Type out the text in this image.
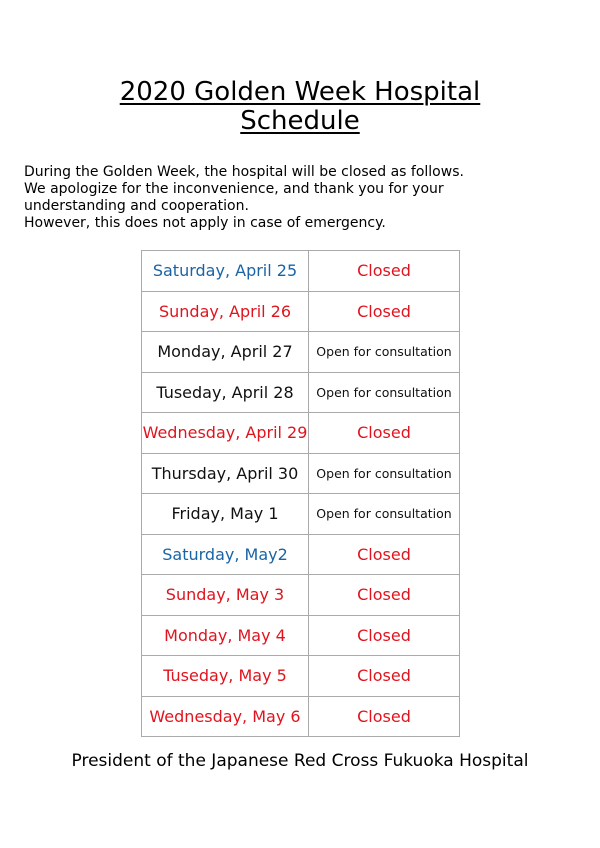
2020 Golden Week Hospital
Schedule
During the Golden Week, the hospital will be closed as follows.
We apologize for the inconvenience, and thank you for your
understanding and cooperation.
However, this does not apply in case of emergency.
Saturday, April 25	Closed
Sunday, April 26	Closed
Monday, April 27	Open for consultation
Tuseday, April 28	Open for consultation
Wednesday, April 29	Closed
Thursday, April 30	Open for consultation
Friday, May 1	Open for consultation
Saturday, May2	Closed
Sunday, May 3	Closed
Monday, May 4	Closed
Tuseday, May 5	Closed
Wednesday, May 6	Closed
President of the Japanese Red Cross Fukuoka Hospital
